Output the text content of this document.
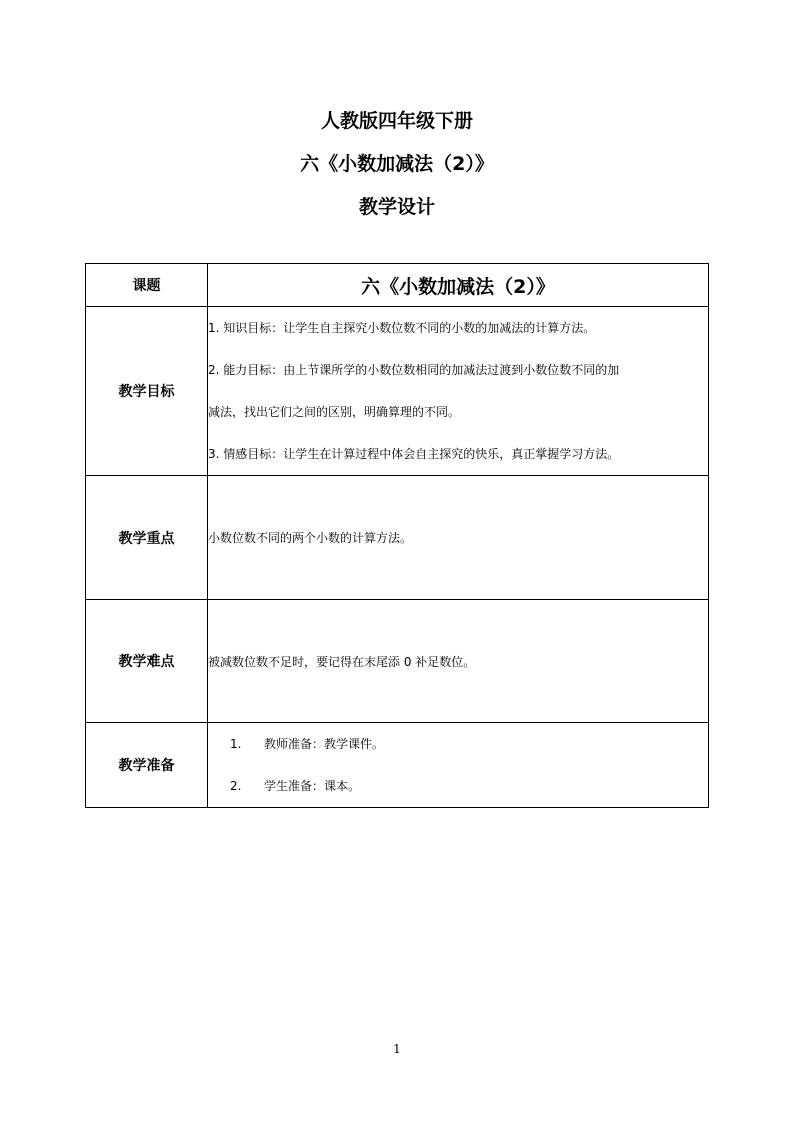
人教版四年级下册

六《小数加减法（2）》

教学设计

课题	六《小数加减法（2）》
教学目标	1. 知识目标：让学生自主探究小数位数不同的小数的加减法的计算方法。

2. 能力目标：由上节课所学的小数位数相同的加减法过渡到小数位数不同的加

减法，找出它们之间的区别，明确算理的不同。

3. 情感目标：让学生在计算过程中体会自主探究的快乐，真正掌握学习方法。

教学重点	小数位数不同的两个小数的计算方法。
教学难点	被减数位数不足时，要记得在末尾添 0 补足数位。
教学准备	1. 教师准备：教学课件。

2. 学生准备：课本。

1
